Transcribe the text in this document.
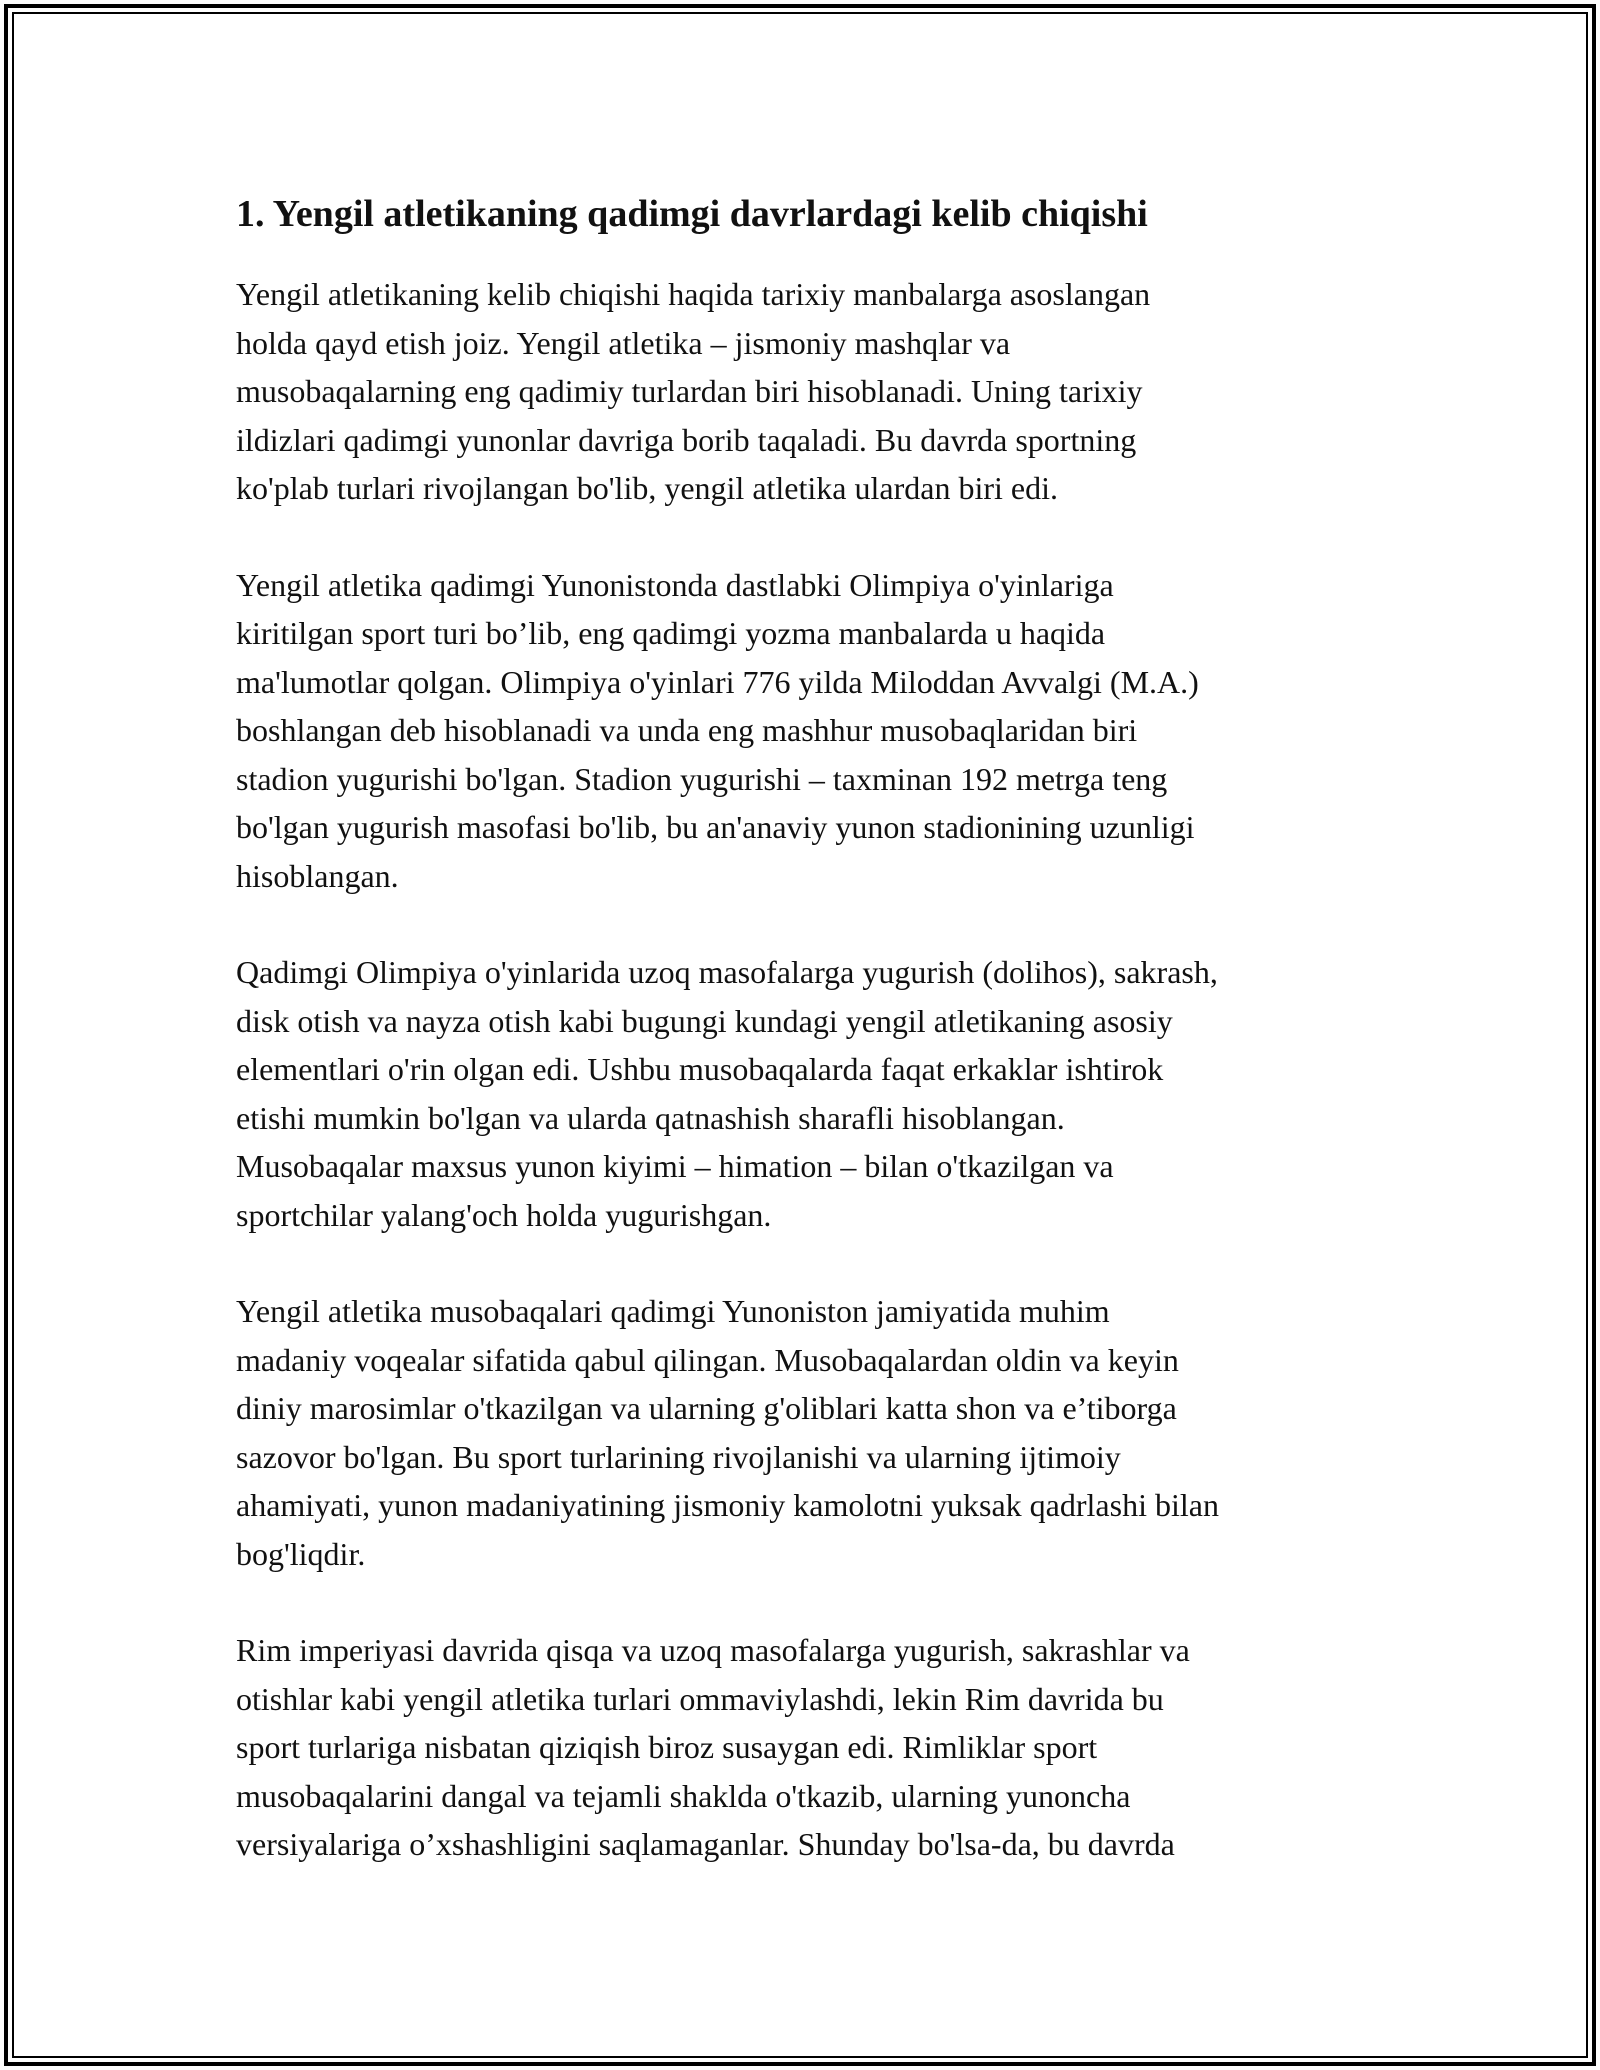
1. Yengil atletikaning qadimgi davrlardagi kelib chiqishi

Yengil atletikaning kelib chiqishi haqida tarixiy manbalarga asoslangan
holda qayd etish joiz. Yengil atletika – jismoniy mashqlar va
musobaqalarning eng qadimiy turlardan biri hisoblanadi. Uning tarixiy
ildizlari qadimgi yunonlar davriga borib taqaladi. Bu davrda sportning
ko'plab turlari rivojlangan bo'lib, yengil atletika ulardan biri edi.

Yengil atletika qadimgi Yunonistonda dastlabki Olimpiya o'yinlariga
kiritilgan sport turi bo’lib, eng qadimgi yozma manbalarda u haqida
ma'lumotlar qolgan. Olimpiya o'yinlari 776 yilda Miloddan Avvalgi (M.A.)
boshlangan deb hisoblanadi va unda eng mashhur musobaqlaridan biri
stadion yugurishi bo'lgan. Stadion yugurishi – taxminan 192 metrga teng
bo'lgan yugurish masofasi bo'lib, bu an'anaviy yunon stadionining uzunligi
hisoblangan.

Qadimgi Olimpiya o'yinlarida uzoq masofalarga yugurish (dolihos), sakrash,
disk otish va nayza otish kabi bugungi kundagi yengil atletikaning asosiy
elementlari o'rin olgan edi. Ushbu musobaqalarda faqat erkaklar ishtirok
etishi mumkin bo'lgan va ularda qatnashish sharafli hisoblangan.
Musobaqalar maxsus yunon kiyimi – himation – bilan o'tkazilgan va
sportchilar yalang'och holda yugurishgan.

Yengil atletika musobaqalari qadimgi Yunoniston jamiyatida muhim
madaniy voqealar sifatida qabul qilingan. Musobaqalardan oldin va keyin
diniy marosimlar o'tkazilgan va ularning g'oliblari katta shon va e’tiborga
sazovor bo'lgan. Bu sport turlarining rivojlanishi va ularning ijtimoiy
ahamiyati, yunon madaniyatining jismoniy kamolotni yuksak qadrlashi bilan
bog'liqdir.

Rim imperiyasi davrida qisqa va uzoq masofalarga yugurish, sakrashlar va
otishlar kabi yengil atletika turlari ommaviylashdi, lekin Rim davrida bu
sport turlariga nisbatan qiziqish biroz susaygan edi. Rimliklar sport
musobaqalarini dangal va tejamli shakldа o'tkazib, ularning yunoncha
versiyalariga o’xshashligini saqlamaganlar. Shunday bo'lsa-da, bu davrda
